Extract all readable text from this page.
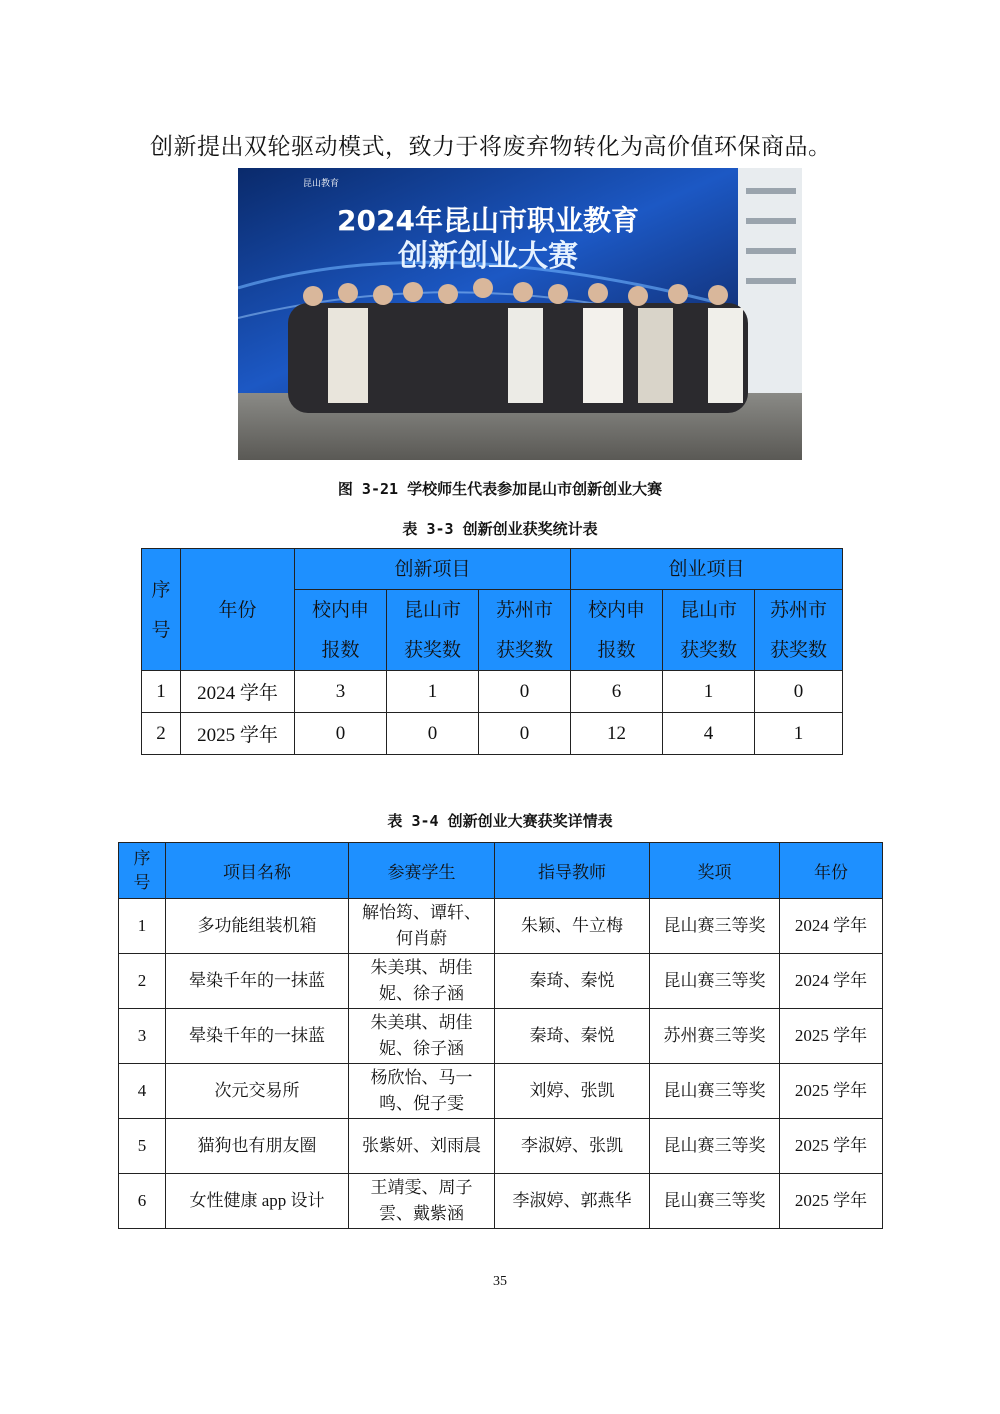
创新提出双轮驱动模式，致力于将废弃物转化为高价值环保商品。
昆山教育
2024年昆山市职业教育
创新创业大赛
图 3-21 学校师生代表参加昆山市创新创业大赛
表 3-3 创新创业获奖统计表
序号	年份	创新项目			创业项目		
		校内申报数	昆山市获奖数	苏州市获奖数	校内申报数	昆山市获奖数	苏州市获奖数
1	2024 学年	3	1	0	6	1	0
2	2025 学年	0	0	0	12	4	1
表 3-4 创新创业大赛获奖详情表
序号	项目名称	参赛学生	指导教师	奖项	年份
1	多功能组装机箱	解怡筠、谭轩、何肖蔚	朱颖、牛立梅	昆山赛三等奖	2024 学年
2	晕染千年的一抹蓝	朱美琪、胡佳妮、徐子涵	秦琦、秦悦	昆山赛三等奖	2024 学年
3	晕染千年的一抹蓝	朱美琪、胡佳妮、徐子涵	秦琦、秦悦	苏州赛三等奖	2025 学年
4	次元交易所	杨欣怡、马一鸣、倪子雯	刘婷、张凯	昆山赛三等奖	2025 学年
5	猫狗也有朋友圈	张紫妍、刘雨晨	李淑婷、张凯	昆山赛三等奖	2025 学年
6	女性健康 app 设计	王靖雯、周子雲、戴紫涵	李淑婷、郭燕华	昆山赛三等奖	2025 学年
35
